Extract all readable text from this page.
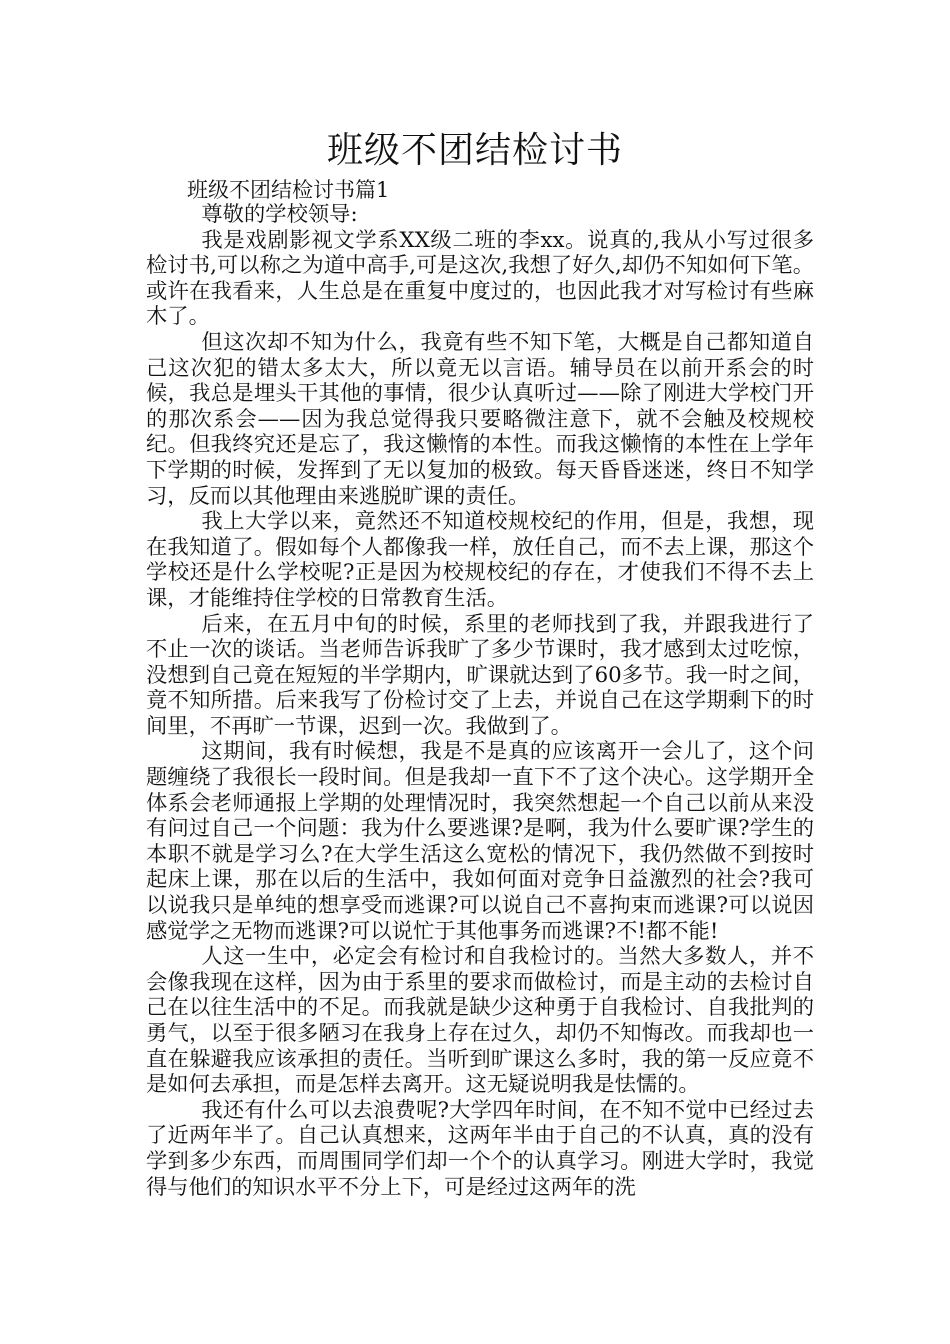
班级不团结检讨书
班级不团结检讨书篇1

尊敬的学校领导:

我是戏剧影视文学系XX级二班的李xx。说真的,我从小写过很多检讨书,可以称之为道中高手,可是这次,我想了好久,却仍不知如何下笔。或许在我看来，人生总是在重复中度过的，也因此我才对写检讨有些麻木了。

但这次却不知为什么，我竟有些不知下笔，大概是自己都知道自己这次犯的错太多太大，所以竟无以言语。辅导员在以前开系会的时候，我总是埋头干其他的事情，很少认真听过——除了刚进大学校门开的那次系会——因为我总觉得我只要略微注意下，就不会触及校规校纪。但我终究还是忘了，我这懒惰的本性。而我这懒惰的本性在上学年下学期的时候，发挥到了无以复加的极致。每天昏昏迷迷，终日不知学习，反而以其他理由来逃脱旷课的责任。

我上大学以来，竟然还不知道校规校纪的作用，但是，我想，现在我知道了。假如每个人都像我一样，放任自己，而不去上课，那这个学校还是什么学校呢?正是因为校规校纪的存在，才使我们不得不去上课，才能维持住学校的日常教育生活。

后来，在五月中旬的时候，系里的老师找到了我，并跟我进行了不止一次的谈话。当老师告诉我旷了多少节课时，我才感到太过吃惊，没想到自己竟在短短的半学期内，旷课就达到了60多节。我一时之间，竟不知所措。后来我写了份检讨交了上去，并说自己在这学期剩下的时间里，不再旷一节课，迟到一次。我做到了。

这期间，我有时候想，我是不是真的应该离开一会儿了，这个问题缠绕了我很长一段时间。但是我却一直下不了这个决心。这学期开全体系会老师通报上学期的处理情况时，我突然想起一个自己以前从来没有问过自己一个问题：我为什么要逃课?是啊，我为什么要旷课?学生的本职不就是学习么?在大学生活这么宽松的情况下，我仍然做不到按时起床上课，那在以后的生活中，我如何面对竞争日益激烈的社会?我可以说我只是单纯的想享受而逃课?可以说自己不喜拘束而逃课?可以说因感觉学之无物而逃课?可以说忙于其他事务而逃课?不!都不能!

人这一生中，必定会有检讨和自我检讨的。当然大多数人，并不会像我现在这样，因为由于系里的要求而做检讨，而是主动的去检讨自己在以往生活中的不足。而我就是缺少这种勇于自我检讨、自我批判的勇气，以至于很多陋习在我身上存在过久，却仍不知悔改。而我却也一直在躲避我应该承担的责任。当听到旷课这么多时，我的第一反应竟不是如何去承担，而是怎样去离开。这无疑说明我是怯懦的。

我还有什么可以去浪费呢?大学四年时间，在不知不觉中已经过去了近两年半了。自己认真想来，这两年半由于自己的不认真，真的没有学到多少东西，而周围同学们却一个个的认真学习。刚进大学时，我觉得与他们的知识水平不分上下，可是经过这两年的洗
